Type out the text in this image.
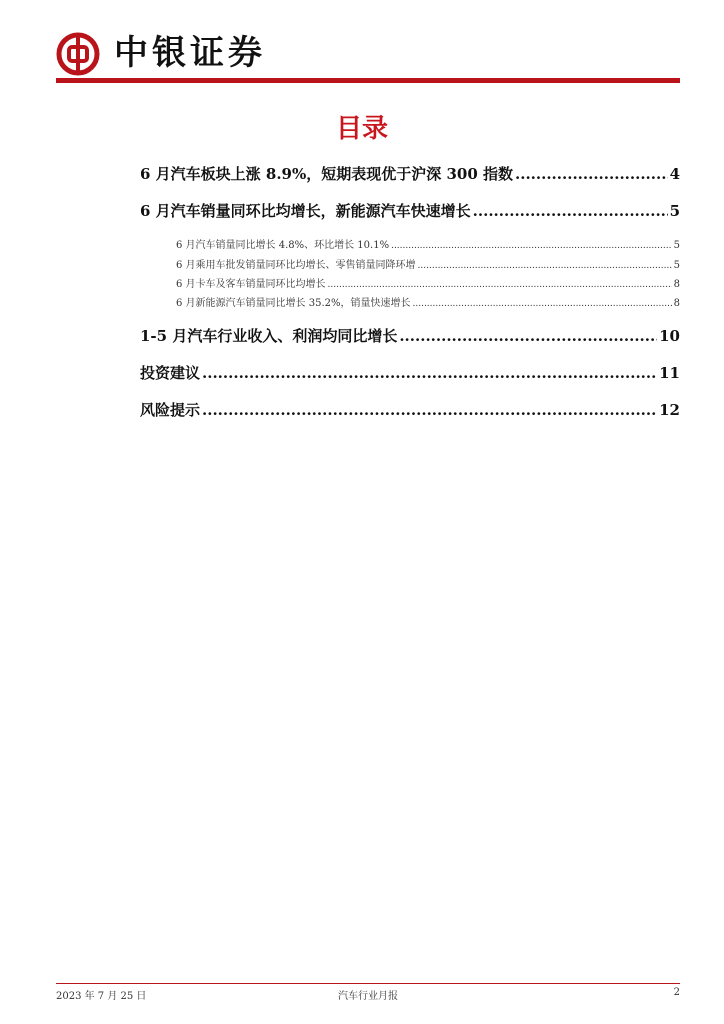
中银证券
目录
6 月汽车板块上涨 8.9%，短期表现优于沪深 300 指数 .....	4
6 月汽车销量同环比均增长，新能源汽车快速增长 .....	5
6 月汽车销量同比增长 4.8%、环比增长 10.1% .....	5
6 月乘用车批发销量同环比均增长、零售销量同降环增 .....	5
6 月卡车及客车销量同环比均增长 .....	8
6 月新能源汽车销量同比增长 35.2%，销量快速增长 .....	8
1-5 月汽车行业收入、利润均同比增长 .....	10
投资建议 .....	11
风险提示 .....	12
2023 年 7 月 25 日	汽车行业月报	2
